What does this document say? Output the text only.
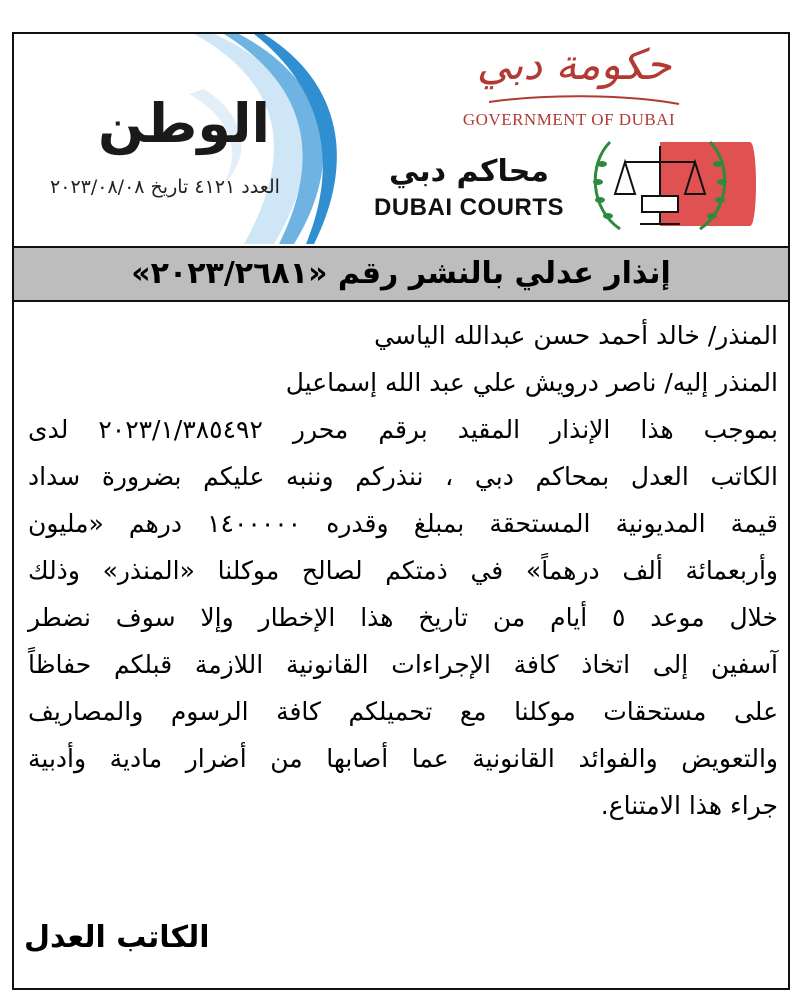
الوطن
العدد ٤١٢١ تاريخ ٢٠٢٣/٠٨/٠٨
حكومة دبي
GOVERNMENT OF DUBAI
محاكم دبي
DUBAI COURTS
إنذار عدلي بالنشر رقم «٢٠٢٣/٢٦٨١»
المنذر/ خالد أحمد حسن عبدالله الياسي
المنذر إليه/ ناصر درويش علي عبد الله إسماعيل
بموجب هذا الإنذار المقيد برقم محرر ٢٠٢٣/١/٣٨٥٤٩٢ لدى
الكاتب العدل بمحاكم دبي ، ننذركم وننبه عليكم بضرورة سداد
قيمة المديونية المستحقة بمبلغ وقدره ١٤٠٠٠٠٠ درهم «مليون
وأربعمائة ألف درهماً» في ذمتكم لصالح موكلنا «المنذر» وذلك
خلال موعد ٥ أيام من تاريخ هذا الإخطار وإلا سوف نضطر
آسفين إلى اتخاذ كافة الإجراءات القانونية اللازمة قبلكم حفاظاً
على مستحقات موكلنا مع تحميلكم كافة الرسوم والمصاريف
والتعويض والفوائد القانونية عما أصابها من أضرار مادية وأدبية
جراء هذا الامتناع.
الكاتب العدل
